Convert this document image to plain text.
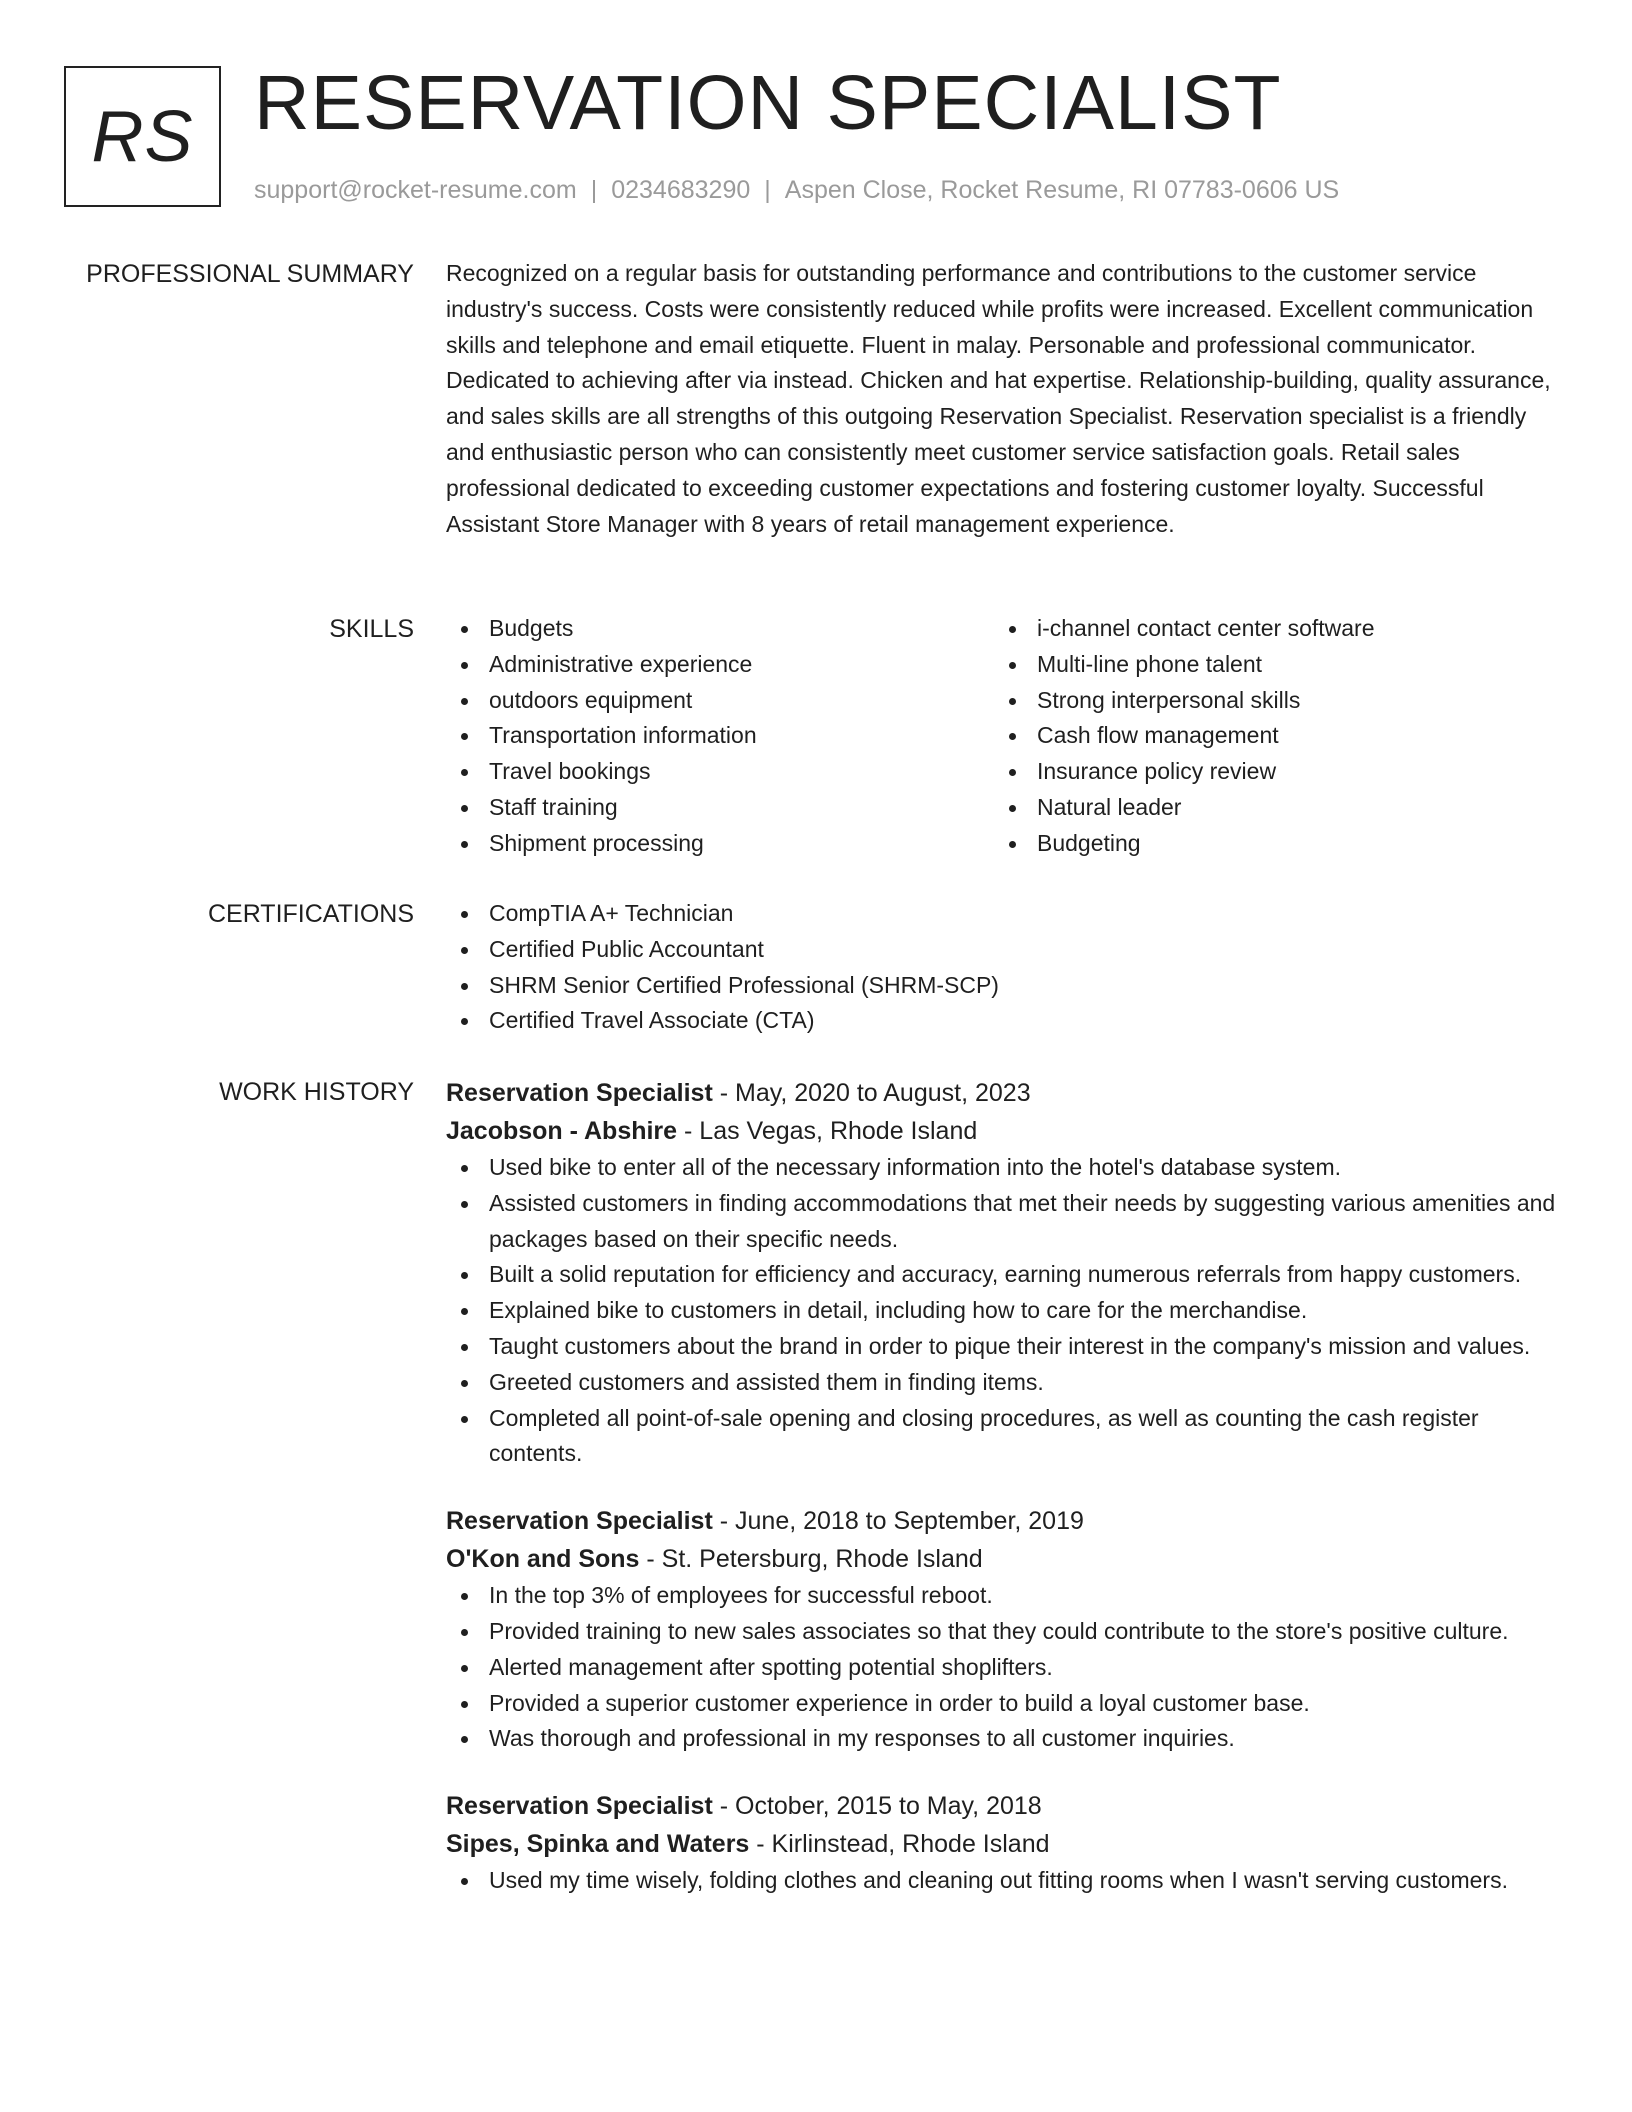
RS RESERVATION SPECIALIST
support@rocket-resume.com | 0234683290 | Aspen Close, Rocket Resume, RI 07783-0606 US
PROFESSIONAL SUMMARY Recognized on a regular basis for outstanding performance and contributions to the customer service industry's success. Costs were consistently reduced while profits were increased. Excellent communication skills and telephone and email etiquette. Fluent in malay. Personable and professional communicator. Dedicated to achieving after via instead. Chicken and hat expertise. Relationship-building, quality assurance, and sales skills are all strengths of this outgoing Reservation Specialist. Reservation specialist is a friendly and enthusiastic person who can consistently meet customer service satisfaction goals. Retail sales professional dedicated to exceeding customer expectations and fostering customer loyalty. Successful Assistant Store Manager with 8 years of retail management experience.

SKILLS	Budgets
Administrative experience
outdoors equipment
Transportation information
Travel bookings
Staff training
Shipment processing
i-channel contact center software
Multi-line phone talent
Strong interpersonal skills
Cash flow management
Insurance policy review
Natural leader
Budgeting
CERTIFICATIONS	CompTIA A+ Technician
Certified Public Accountant
SHRM Senior Certified Professional (SHRM-SCP)
Certified Travel Associate (CTA)
WORK HISTORY Reservation Specialist - May, 2020 to August, 2023
Jacobson - Abshire - Las Vegas, Rhode Island
Used bike to enter all of the necessary information into the hotel's database system.
Assisted customers in finding accommodations that met their needs by suggesting various amenities and packages based on their specific needs.
Built a solid reputation for efficiency and accuracy, earning numerous referrals from happy customers.
Explained bike to customers in detail, including how to care for the merchandise.
Taught customers about the brand in order to pique their interest in the company's mission and values.
Greeted customers and assisted them in finding items.
Completed all point-of-sale opening and closing procedures, as well as counting the cash register contents.
Reservation Specialist - June, 2018 to September, 2019
O'Kon and Sons - St. Petersburg, Rhode Island
In the top 3% of employees for successful reboot.
Provided training to new sales associates so that they could contribute to the store's positive culture.
Alerted management after spotting potential shoplifters.
Provided a superior customer experience in order to build a loyal customer base.
Was thorough and professional in my responses to all customer inquiries.
Reservation Specialist - October, 2015 to May, 2018
Sipes, Spinka and Waters - Kirlinstead, Rhode Island
Used my time wisely, folding clothes and cleaning out fitting rooms when I wasn't serving customers.
